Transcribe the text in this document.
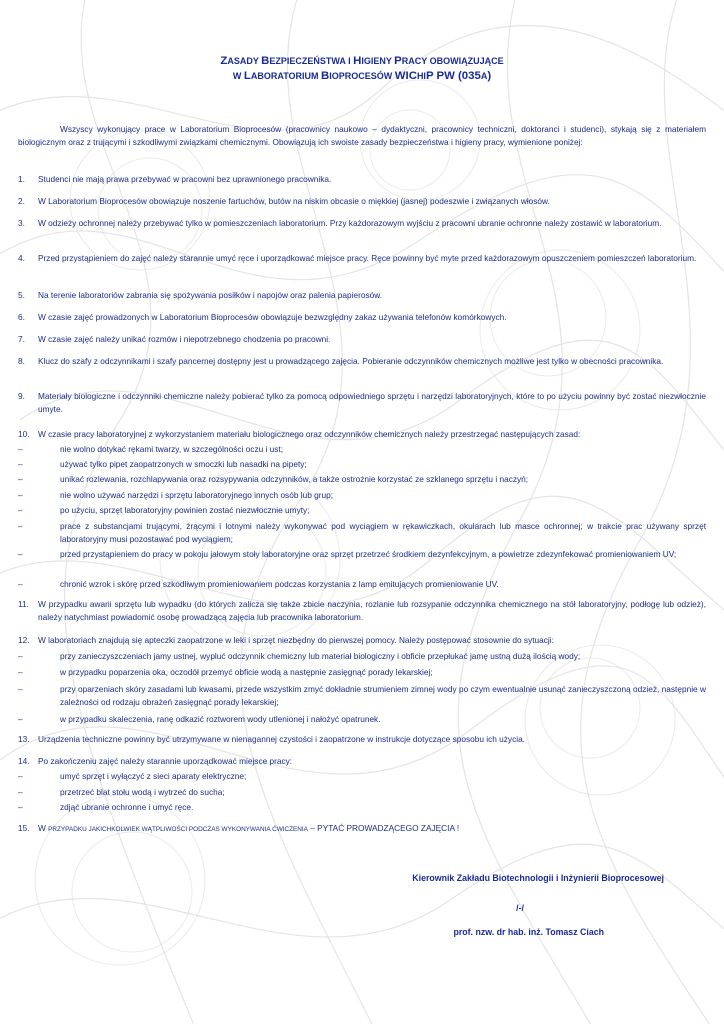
ZASADY BEZPIECZEŃSTWA I HIGIENY PRACY OBOWIĄZUJĄCE
W LABORATORIUM BIOPROCESÓW WICHIP PW (035A)
Wszyscy wykonujący prace w Laboratorium Bioprocesów (pracownicy naukowo – dydaktyczni, pracownicy techniczni, doktoranci i studenci), stykają się z materiałem biologicznym oraz z trującymi i szkodliwymi związkami chemicznymi. Obowiązują ich swoiste zasady bezpieczeństwa i higieny pracy, wymienione poniżej:
1.	Studenci nie mają prawa przebywać w pracowni bez uprawnionego pracownika.
2.	W Laboratorium Bioprocesów obowiązuje noszenie fartuchów, butów na niskim obcasie o miękkiej (jasnej) podeszwie i związanych włosów.
3.	W odzieży ochronnej należy przebywać tylko w pomieszczeniach laboratorium. Przy każdorazowym wyjściu z pracowni ubranie ochronne należy zostawić w laboratorium.
4.	Przed przystąpieniem do zajęć należy starannie umyć ręce i uporządkować miejsce pracy. Ręce powinny być myte przed każdorazowym opuszczeniem pomieszczeń laboratorium.
5.	Na terenie laboratoriów zabrania się spożywania posiłków i napojów oraz palenia papierosów.
6.	W czasie zajęć prowadzonych w Laboratorium Bioprocesów obowiązuje bezwzględny zakaz używania telefonów komórkowych.
7.	W czasie zajęć należy unikać rozmów i niepotrzebnego chodzenia po pracowni.
8.	Klucz do szafy z odczynnikami i szafy pancernej dostępny jest u prowadzącego zajęcia. Pobieranie odczynników chemicznych możliwe jest tylko w obecności pracownika.
9.	Materiały biologiczne i odczynniki chemiczne należy pobierać tylko za pomocą odpowiedniego sprzętu i narzędzi laboratoryjnych, które to po użyciu powinny być zostać niezwłocznie umyte.
10.	W czasie pracy laboratoryjnej z wykorzystaniem materiału biologicznego oraz odczynników chemicznych należy przestrzegać następujących zasad:
11.	W przypadku awarii sprzętu lub wypadku (do których zalicza się także zbicie naczynia, rozlanie lub rozsypanie odczynnika chemicznego na stół laboratoryjny, podłogę lub odzież), należy natychmiast powiadomić osobę prowadzącą zajęcia lub pracownika laboratorium.
12.	W laboratoriach znajdują się apteczki zaopatrzone w leki i sprzęt niezbędny do pierwszej pomocy. Należy postępować stosownie do sytuacji:
13.	Urządzenia techniczne powinny być utrzymywane w nienagannej czystości i zaopatrzone w instrukcje dotyczące sposobu ich użycia.
14.	Po zakończeniu zajęć należy starannie uporządkować miejsce pracy:
15.	W PRZYPADKU JAKICHKOLWIEK WĄTPLIWOŚCI PODCZAS WYKONYWANIA ĆWICZENIA – PYTAĆ PROWADZĄCEGO ZAJĘCIA !
–	nie wolno dotykać rękami twarzy, w szczególności oczu i ust;
–	używać tylko pipet zaopatrzonych w smoczki lub nasadki na pipety;
–	unikać rozlewania, rozchlapywania oraz rozsypywania odczynników, a także ostrożnie korzystać ze szklanego sprzętu i naczyń;
–	nie wolno używać narzędzi i sprzętu laboratoryjnego innych osób lub grup;
–	po użyciu, sprzęt laboratoryjny powinien zostać niezwłocznie umyty;
–	prace z substancjami trującymi, żrącymi i lotnymi należy wykonywać pod wyciągiem w rękawiczkach, okularach lub masce ochronnej; w trakcie prac używany sprzęt laboratoryjny musi pozostawać pod wyciągiem;
–	przed przystąpieniem do pracy w pokoju jałowym stoły laboratoryjne oraz sprzęt przetrzeć środkiem dezynfekcyjnym, a powietrze zdezynfekować promieniowaniem UV;
–	chronić wzrok i skórę przed szkodliwym promieniowaniem podczas korzystania z lamp emitujących promieniowanie UV.
–	przy zanieczyszczeniach jamy ustnej, wypluć odczynnik chemiczny lub materiał biologiczny i obficie przepłukać jamę ustną dużą ilością wody;
–	w przypadku poparzenia oka, oczodół przemyć obficie wodą a następnie zasięgnąć porady lekarskiej;
–	przy oparzeniach skóry zasadami lub kwasami, przede wszystkim zmyć dokładnie strumieniem zimnej wody po czym ewentualnie usunąć zanieczyszczoną odzież, następnie w zależności od rodzaju obrażeń zasięgnąć porady lekarskiej;
–	w przypadku skaleczenia, ranę odkazić roztworem wody utlenionej i nałożyć opatrunek.
–	umyć sprzęt i wyłączyć z sieci aparaty elektryczne;
–	przetrzeć blat stołu wodą i wytrzeć do sucha;
–	zdjąć ubranie ochronne i umyć ręce.
Kierownik Zakładu Biotechnologii i Inżynierii Bioprocesowej
/-/
prof. nzw. dr hab. inż. Tomasz Ciach
